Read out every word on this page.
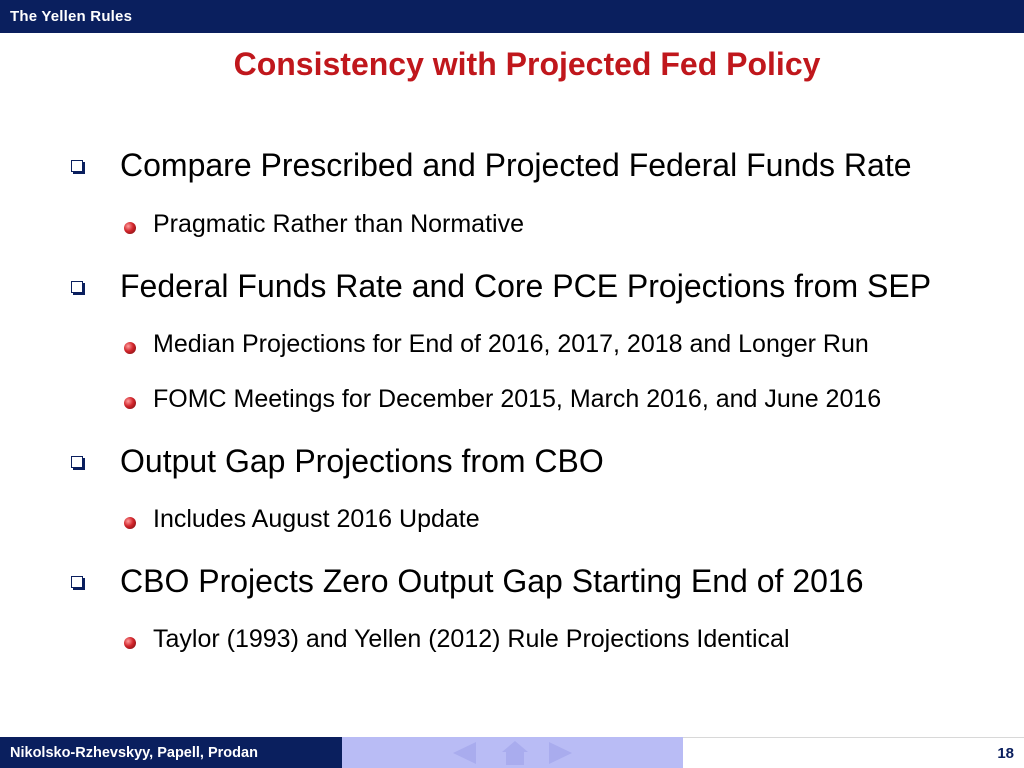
The Yellen Rules
Consistency with Projected Fed Policy
Compare Prescribed and Projected Federal Funds Rate
Pragmatic Rather than Normative
Federal Funds Rate and Core PCE Projections from SEP
Median Projections for End of 2016, 2017, 2018 and Longer Run
FOMC Meetings for December 2015, March 2016, and June 2016
Output Gap Projections from CBO
Includes August 2016 Update
CBO Projects Zero Output Gap Starting End of 2016
Taylor (1993) and Yellen (2012) Rule Projections Identical
Nikolsko-Rzhevskyy, Papell, Prodan	18
